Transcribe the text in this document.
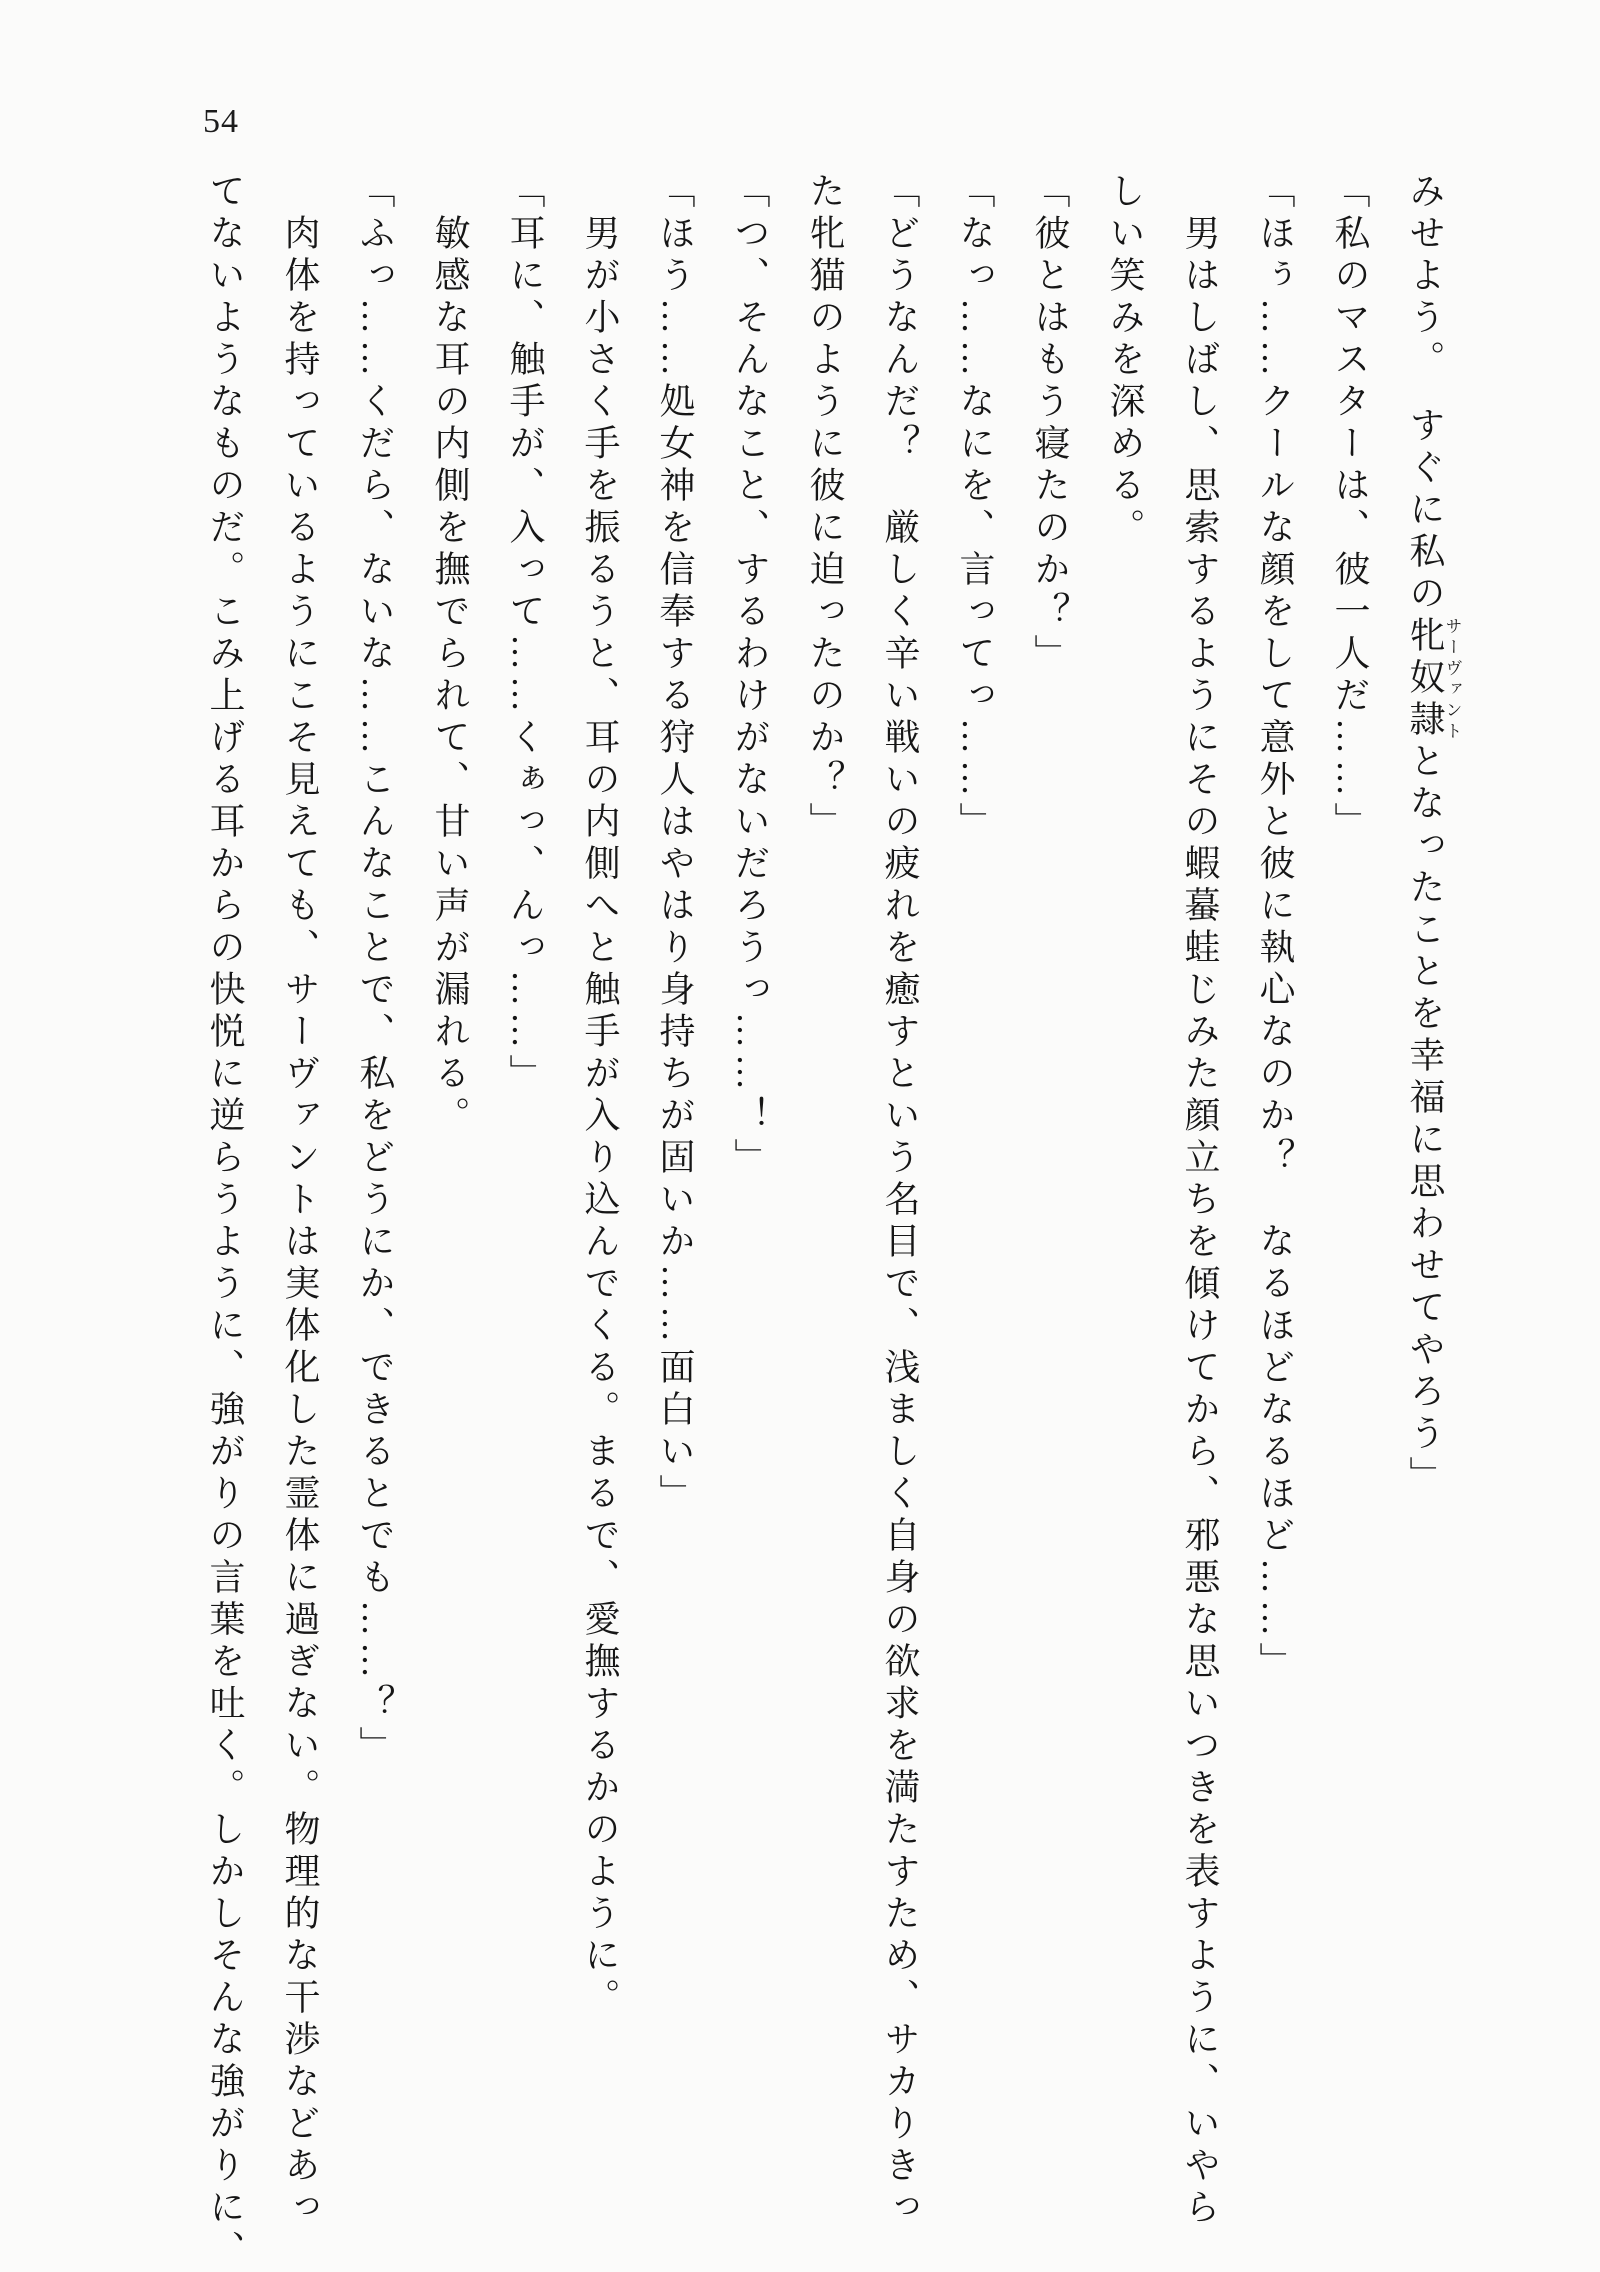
54

みせよう。　すぐに私の牝奴隷サーヴァントとなったことを幸福に思わせてやろう」

「私のマスターは、彼一人だ……」

「ほぅ……クールな顔をして意外と彼に執心なのか？　なるほどなるほど……」

男はしばし、思索するようにその蝦蟇蛙じみた顔立ちを傾けてから、邪悪な思いつきを表すように、いやら

しい笑みを深める。

「彼とはもう寝たのか？」

「なっ……なにを、言ってっ……」

「どうなんだ？　厳しく辛い戦いの疲れを癒すという名目で、浅ましく自身の欲求を満たすため、サカりきっ

た牝猫のように彼に迫ったのか？」

「つ、そんなこと、するわけがないだろうっ……！」

「ほう……処女神を信奉する狩人はやはり身持ちが固いか……面白い」

男が小さく手を振るうと、耳の内側へと触手が入り込んでくる。まるで、愛撫するかのように。

「耳に、触手が、入って……くぁっ、んっ……」

敏感な耳の内側を撫でられて、甘い声が漏れる。

「ふっ……くだら、ないな……こんなことで、私をどうにか、できるとでも……？」

肉体を持っているようにこそ見えても、サーヴァントは実体化した霊体に過ぎない。物理的な干渉などあっ

てないようなものだ。こみ上げる耳からの快悦に逆らうように、強がりの言葉を吐く。しかしそんな強がりに、
